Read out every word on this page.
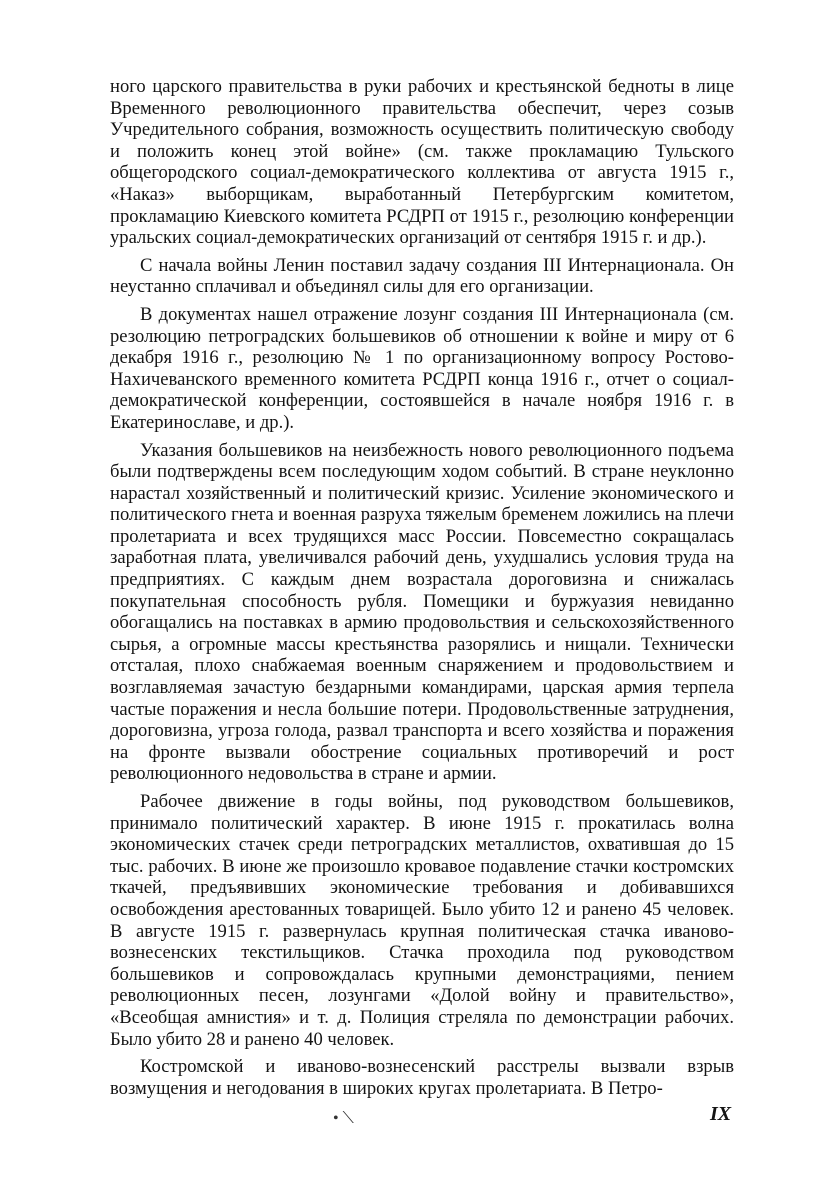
ного царского правительства в руки рабочих и крестьянской бедноты в лице Временного революционного правительства обеспечит, через созыв Учредительного собрания, возможность осуществить политическую свободу и положить конец этой войне» (см. также прокламацию Тульского общегородского социал-демократического коллектива от августа 1915 г., «Наказ» выборщикам, выработанный Петербургским комитетом, прокламацию Киевского комитета РСДРП от 1915 г., резолюцию конференции уральских социал-демократических организаций от сентября 1915 г. и др.).

С начала войны Ленин поставил задачу создания III Интернационала. Он неустанно сплачивал и объединял силы для его организации.

В документах нашел отражение лозунг создания III Интернационала (см. резолюцию петроградских большевиков об отношении к войне и миру от 6 декабря 1916 г., резолюцию № 1 по организационному вопросу Ростово-Нахичеванского временного комитета РСДРП конца 1916 г., отчет о социал-демократической конференции, состоявшейся в начале ноября 1916 г. в Екатеринославе, и др.).

Указания большевиков на неизбежность нового революционного подъема были подтверждены всем последующим ходом событий. В стране неуклонно нарастал хозяйственный и политический кризис. Усиление экономического и политического гнета и военная разруха тяжелым бременем ложились на плечи пролетариата и всех трудящихся масс России. Повсеместно сокращалась заработная плата, увеличивался рабочий день, ухудшались условия труда на предприятиях. С каждым днем возрастала дороговизна и снижалась покупательная способность рубля. Помещики и буржуазия невиданно обогащались на поставках в армию продовольствия и сельскохозяйственного сырья, а огромные массы крестьянства разорялись и нищали. Технически отсталая, плохо снабжаемая военным снаряжением и продовольствием и возглавляемая зачастую бездарными командирами, царская армия терпела частые поражения и несла большие потери. Продовольственные затруднения, дороговизна, угроза голода, развал транспорта и всего хозяйства и поражения на фронте вызвали обострение социальных противоречий и рост революционного недовольства в стране и армии.

Рабочее движение в годы войны, под руководством большевиков, принимало политический характер. В июне 1915 г. прокатилась волна экономических стачек среди петроградских металлистов, охватившая до 15 тыс. рабочих. В июне же произошло кровавое подавление стачки костромских ткачей, предъявивших экономические требования и добивавшихся освобождения арестованных товарищей. Было убито 12 и ранено 45 человек. В августе 1915 г. развернулась крупная политическая стачка иваново-вознесенских текстильщиков. Стачка проходила под руководством большевиков и сопровождалась крупными демонстрациями, пением революционных песен, лозунгами «Долой войну и правительство», «Всеобщая амнистия» и т. д. Полиция стреляла по демонстрации рабочих. Было убито 28 и ранено 40 человек.

Костромской и иваново-вознесенский расстрелы вызвали взрыв возмущения и негодования в широких кругах пролетариата. В Петро-

• ⟍	IX
